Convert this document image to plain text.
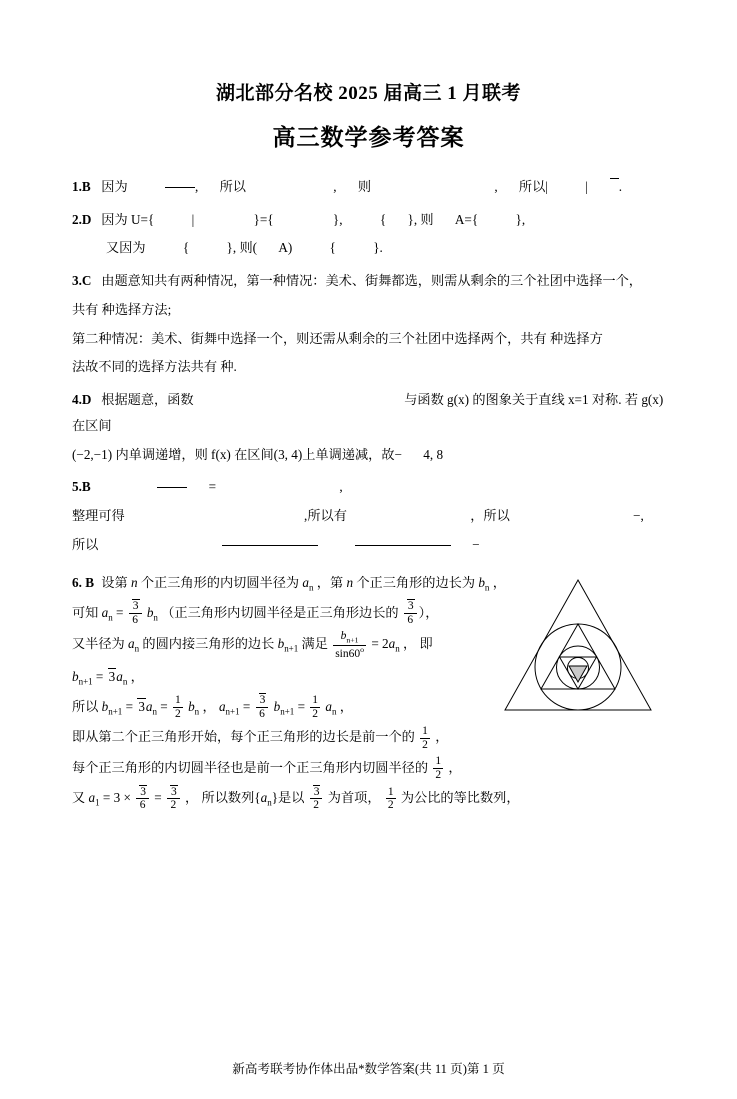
湖北部分名校 2025 届高三 1 月联考
高三数学参考答案
1.B 因为	, 所以	, 则	, 所以|	| .
2.D 因为 U={	|	}={	},	{ }, 则 A={	},
又因为	{	}, 则( A)	{	}.
3.C 由题意知共有两种情况，第一种情况：美术、街舞都选，则需从剩余的三个社团中选择一个，
共有 种选择方法;
第二种情况：美术、街舞中选择一个，则还需从剩余的三个社团中选择两个，共有 种选择方
法故不同的选择方法共有 种.
4.D 根据题意，函数	与函数 g(x) 的图象关于直线 x=1 对称. 若 g(x) 在区间
(−2,−1) 内单调递增，则 f(x) 在区间(3, 4)上单调递减，故− 4, 8
5.B	=	,
整理可得	,所以有	，所以	−,
所以	−
6. B 设第 n 个正三角形的内切圆半径为 $a_n$ ，第 n 个正三角形的边长为 $b_n$ ，
可知 $a_n = \frac{3}{6} b_n$ （正三角形内切圆半径是正三角形边长的 $\frac{3}{6}$ ），
又半径为 $a_n$ 的圆内接三角形的边长 $b_{n+1}$ 满足 $\frac{b_{n+1}}{\sin 60^o} = 2a_n$ ， 即
$b_{n+1} = 3a_n$ ，
所以 $b_{n+1} = 3a_n = \frac{1}{2} b_n$ ， $a_{n+1} = \frac{3}{6} b_{n+1} = \frac{1}{2} a_n$ ，
即从第二个正三角形开始，每个正三角形的边长是前一个的 $\frac{1}{2}$ ，
每个正三角形的内切圆半径也是前一个正三角形内切圆半径的 $\frac{1}{2}$ ，
又 $a_1 = 3 \times \frac{3}{6} = \frac{3}{2}$ ， 所以数列$\{a_n\}$是以 $\frac{3}{2}$ 为首项， $\frac{1}{2}$ 为公比的等比数列，
新高考联考协作体出品*数学答案(共 11 页)第 1 页
